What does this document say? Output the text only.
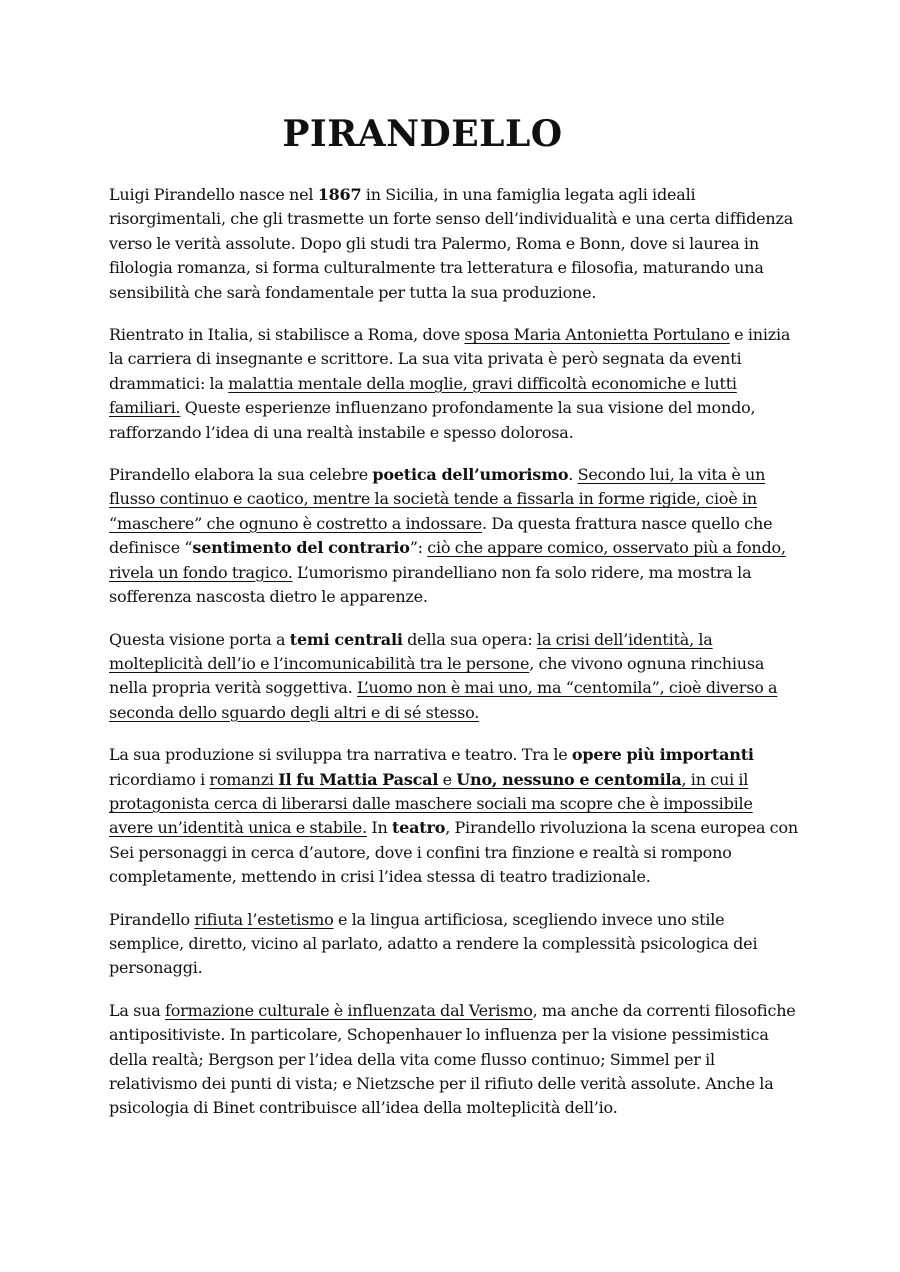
PIRANDELLO

Luigi Pirandello nasce nel 1867 in Sicilia, in una famiglia legata agli ideali risorgimentali, che gli trasmette un forte senso dell’individualità e una certa diffidenza verso le verità assolute. Dopo gli studi tra Palermo, Roma e Bonn, dove si laurea in filologia romanza, si forma culturalmente tra letteratura e filosofia, maturando una sensibilità che sarà fondamentale per tutta la sua produzione.

Rientrato in Italia, si stabilisce a Roma, dove sposa Maria Antonietta Portulano e inizia la carriera di insegnante e scrittore. La sua vita privata è però segnata da eventi drammatici: la malattia mentale della moglie, gravi difficoltà economiche e lutti familiari. Queste esperienze influenzano profondamente la sua visione del mondo, rafforzando l’idea di una realtà instabile e spesso dolorosa.

Pirandello elabora la sua celebre poetica dell’umorismo. Secondo lui, la vita è un flusso continuo e caotico, mentre la società tende a fissarla in forme rigide, cioè in “maschere” che ognuno è costretto a indossare. Da questa frattura nasce quello che definisce “sentimento del contrario”: ciò che appare comico, osservato più a fondo, rivela un fondo tragico. L’umorismo pirandelliano non fa solo ridere, ma mostra la sofferenza nascosta dietro le apparenze.

Questa visione porta a temi centrali della sua opera: la crisi dell’identità, la molteplicità dell’io e l’incomunicabilità tra le persone, che vivono ognuna rinchiusa nella propria verità soggettiva. L’uomo non è mai uno, ma “centomila”, cioè diverso a seconda dello sguardo degli altri e di sé stesso.

La sua produzione si sviluppa tra narrativa e teatro. Tra le opere più importanti ricordiamo i romanzi Il fu Mattia Pascal e Uno, nessuno e centomila, in cui il protagonista cerca di liberarsi dalle maschere sociali ma scopre che è impossibile avere un’identità unica e stabile. In teatro, Pirandello rivoluziona la scena europea con Sei personaggi in cerca d’autore, dove i confini tra finzione e realtà si rompono completamente, mettendo in crisi l’idea stessa di teatro tradizionale.

Pirandello rifiuta l’estetismo e la lingua artificiosa, scegliendo invece uno stile semplice, diretto, vicino al parlato, adatto a rendere la complessità psicologica dei personaggi.

La sua formazione culturale è influenzata dal Verismo, ma anche da correnti filosofiche antipositiviste. In particolare, Schopenhauer lo influenza per la visione pessimistica della realtà; Bergson per l’idea della vita come flusso continuo; Simmel per il relativismo dei punti di vista; e Nietzsche per il rifiuto delle verità assolute. Anche la psicologia di Binet contribuisce all’idea della molteplicità dell’io.
